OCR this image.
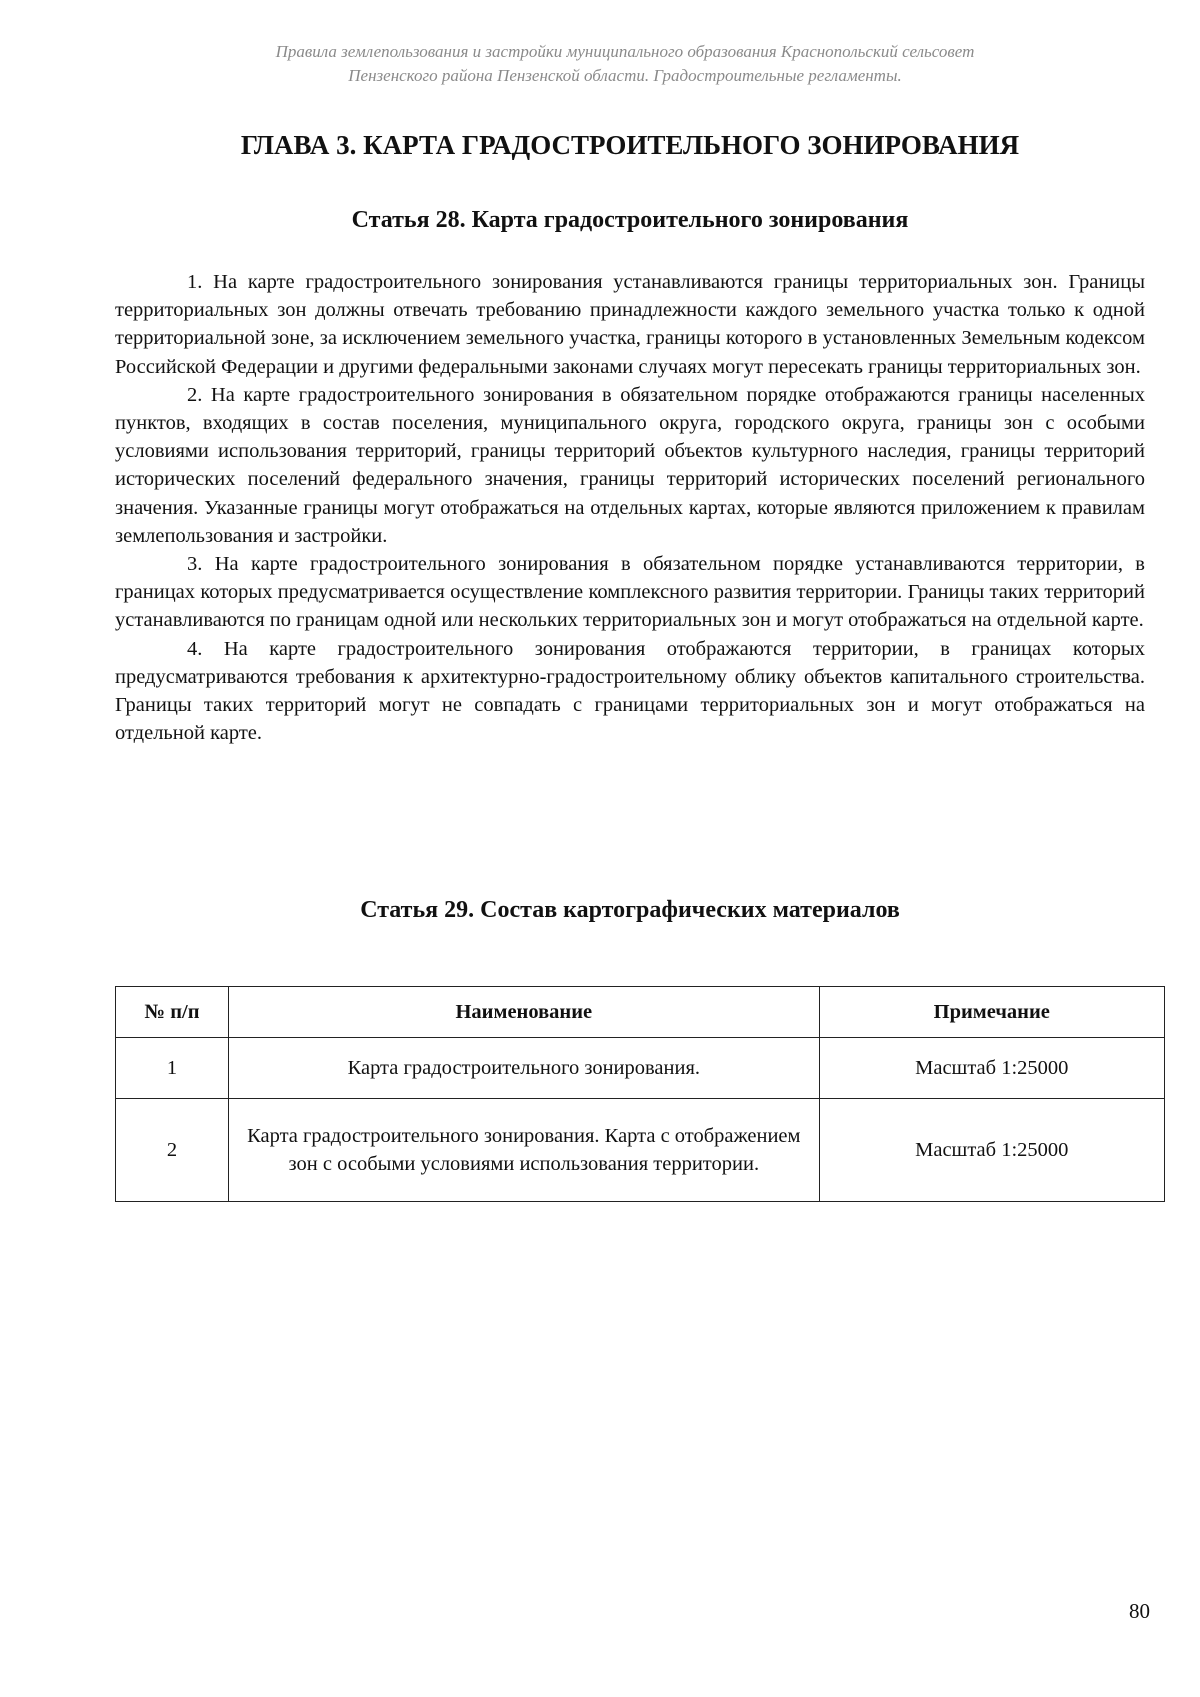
Правила землепользования и застройки муниципального образования Краснопольский сельсовет
Пензенского района Пензенской области. Градостроительные регламенты.
ГЛАВА 3. КАРТА ГРАДОСТРОИТЕЛЬНОГО ЗОНИРОВАНИЯ
Статья 28. Карта градостроительного зонирования

1. На карте градостроительного зонирования устанавливаются границы территориальных зон. Границы территориальных зон должны отвечать требованию принадлежности каждого земельного участка только к одной территориальной зоне, за исключением земельного участка, границы которого в установленных Земельным кодексом Российской Федерации и другими федеральными законами случаях могут пересекать границы территориальных зон.

2. На карте градостроительного зонирования в обязательном порядке отображаются границы населенных пунктов, входящих в состав поселения, муниципального округа, городского округа, границы зон с особыми условиями использования территорий, границы территорий объектов культурного наследия, границы территорий исторических поселений федерального значения, границы территорий исторических поселений регионального значения. Указанные границы могут отображаться на отдельных картах, которые являются приложением к правилам землепользования и застройки.

3. На карте градостроительного зонирования в обязательном порядке устанавливаются территории, в границах которых предусматривается осуществление комплексного развития территории. Границы таких территорий устанавливаются по границам одной или нескольких территориальных зон и могут отображаться на отдельной карте.

4. На карте градостроительного зонирования отображаются территории, в границах которых предусматриваются требования к архитектурно-градостроительному облику объектов капитального строительства. Границы таких территорий могут не совпадать с границами территориальных зон и могут отображаться на отдельной карте.

Статья 29. Состав картографических материалов
№ п/п	Наименование	Примечание
1	Карта градостроительного зонирования.	Масштаб 1:25000
2	Карта градостроительного зонирования. Карта с отображением зон с особыми условиями использования территории.	Масштаб 1:25000
80
